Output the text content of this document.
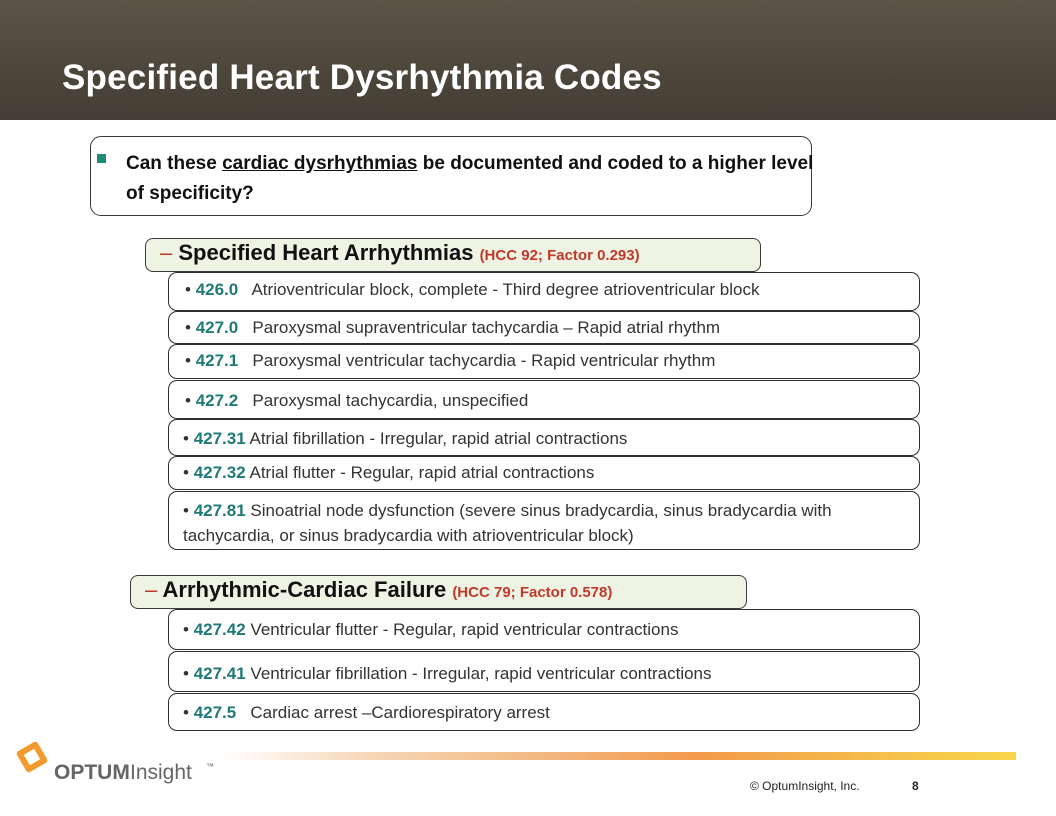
Specified Heart Dysrhythmia Codes
Can these cardiac dysrhythmias be documented and coded to a higher level of specificity?
– Specified Heart Arrhythmias (HCC 92; Factor 0.293)
• 426.0 Atrioventricular block, complete - Third degree atrioventricular block
• 427.0 Paroxysmal supraventricular tachycardia – Rapid atrial rhythm
• 427.1 Paroxysmal ventricular tachycardia - Rapid ventricular rhythm
• 427.2 Paroxysmal tachycardia, unspecified
• 427.31 Atrial fibrillation - Irregular, rapid atrial contractions
• 427.32 Atrial flutter - Regular, rapid atrial contractions
• 427.81 Sinoatrial node dysfunction (severe sinus bradycardia, sinus bradycardia with tachycardia, or sinus bradycardia with atrioventricular block)
– Arrhythmic-Cardiac Failure (HCC 79; Factor 0.578)
• 427.42 Ventricular flutter - Regular, rapid ventricular contractions
• 427.41 Ventricular fibrillation - Irregular, rapid ventricular contractions
• 427.5 Cardiac arrest –Cardiorespiratory arrest
OPTUM Insight ™
© OptumInsight, Inc.	8
